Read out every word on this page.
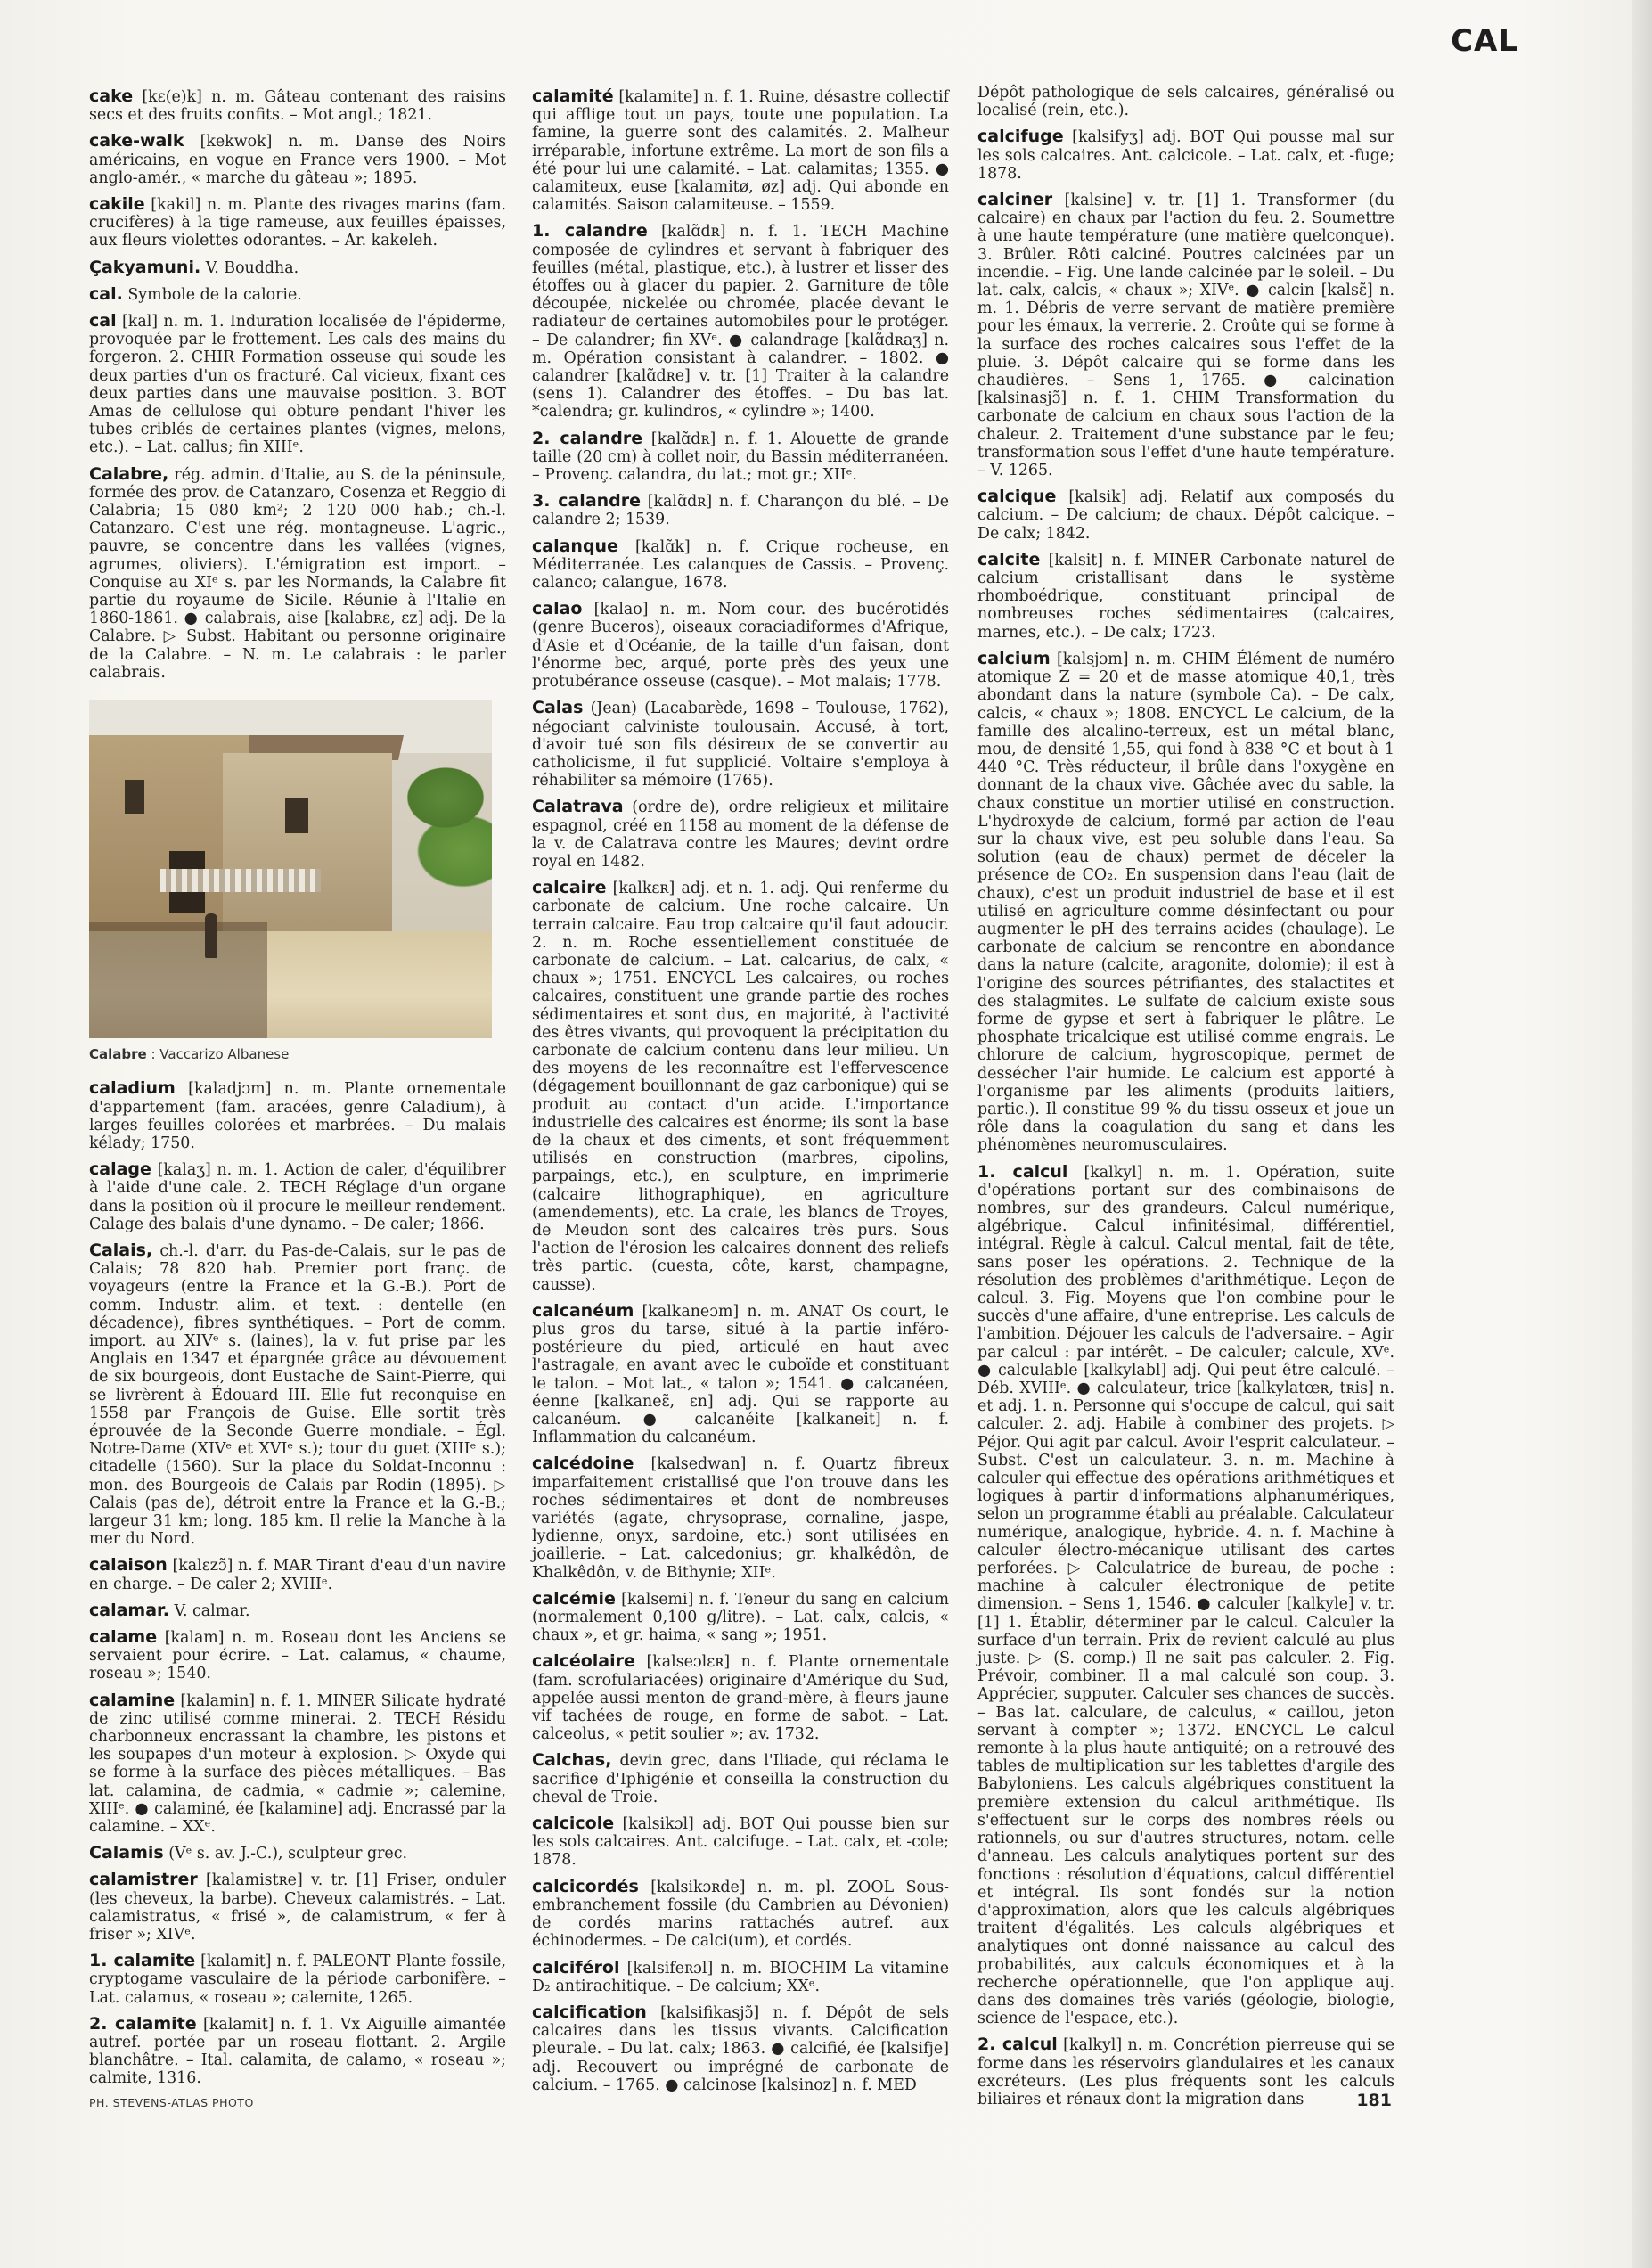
CAL

cake [kɛ(e)k] n. m. Gâteau contenant des raisins secs et des fruits confits. – Mot angl.; 1821.

cake-walk [kekwok] n. m. Danse des Noirs américains, en vogue en France vers 1900. – Mot anglo-amér., « marche du gâteau »; 1895.

cakile [kakil] n. m. Plante des rivages marins (fam. crucifères) à la tige rameuse, aux feuilles épaisses, aux fleurs violettes odorantes. – Ar. kakeleh.

Çakyamuni. V. Bouddha.

cal. Symbole de la calorie.

cal [kal] n. m. 1. Induration localisée de l'épiderme, provoquée par le frottement. Les cals des mains du forgeron. 2. CHIR Formation osseuse qui soude les deux parties d'un os fracturé. Cal vicieux, fixant ces deux parties dans une mauvaise position. 3. BOT Amas de cellulose qui obture pendant l'hiver les tubes criblés de certaines plantes (vignes, melons, etc.). – Lat. callus; fin XIIIᵉ.

Calabre, rég. admin. d'Italie, au S. de la péninsule, formée des prov. de Catanzaro, Cosenza et Reggio di Calabria; 15 080 km²; 2 120 000 hab.; ch.-l. Catanzaro. C'est une rég. montagneuse. L'agric., pauvre, se concentre dans les vallées (vignes, agrumes, oliviers). L'émigration est import. – Conquise au XIᵉ s. par les Normands, la Calabre fit partie du royaume de Sicile. Réunie à l'Italie en 1860-1861. ● calabrais, aise [kalabʀɛ, ɛz] adj. De la Calabre. ▷ Subst. Habitant ou personne originaire de la Calabre. – N. m. Le calabrais : le parler calabrais.

Calabre : Vaccarizo Albanese

caladium [kaladjɔm] n. m. Plante ornementale d'appartement (fam. aracées, genre Caladium), à larges feuilles colorées et marbrées. – Du malais kélady; 1750.

calage [kalaʒ] n. m. 1. Action de caler, d'équilibrer à l'aide d'une cale. 2. TECH Réglage d'un organe dans la position où il procure le meilleur rendement. Calage des balais d'une dynamo. – De caler; 1866.

Calais, ch.-l. d'arr. du Pas-de-Calais, sur le pas de Calais; 78 820 hab. Premier port franç. de voyageurs (entre la France et la G.-B.). Port de comm. Industr. alim. et text. : dentelle (en décadence), fibres synthétiques. – Port de comm. import. au XIVᵉ s. (laines), la v. fut prise par les Anglais en 1347 et épargnée grâce au dévouement de six bourgeois, dont Eustache de Saint-Pierre, qui se livrèrent à Édouard III. Elle fut reconquise en 1558 par François de Guise. Elle sortit très éprouvée de la Seconde Guerre mondiale. – Égl. Notre-Dame (XIVᵉ et XVIᵉ s.); tour du guet (XIIIᵉ s.); citadelle (1560). Sur la place du Soldat-Inconnu : mon. des Bourgeois de Calais par Rodin (1895). ▷ Calais (pas de), détroit entre la France et la G.-B.; largeur 31 km; long. 185 km. Il relie la Manche à la mer du Nord.

calaison [kalɛzɔ̃] n. f. MAR Tirant d'eau d'un navire en charge. – De caler 2; XVIIIᵉ.

calamar. V. calmar.

calame [kalam] n. m. Roseau dont les Anciens se servaient pour écrire. – Lat. calamus, « chaume, roseau »; 1540.

calamine [kalamin] n. f. 1. MINER Silicate hydraté de zinc utilisé comme minerai. 2. TECH Résidu charbonneux encrassant la chambre, les pistons et les soupapes d'un moteur à explosion. ▷ Oxyde qui se forme à la surface des pièces métalliques. – Bas lat. calamina, de cadmia, « cadmie »; calemine, XIIIᵉ. ● calaminé, ée [kalamine] adj. Encrassé par la calamine. – XXᵉ.

Calamis (Vᵉ s. av. J.-C.), sculpteur grec.

calamistrer [kalamistʀe] v. tr. [1] Friser, onduler (les cheveux, la barbe). Cheveux calamistrés. – Lat. calamistratus, « frisé », de calamistrum, « fer à friser »; XIVᵉ.

1. calamite [kalamit] n. f. PALEONT Plante fossile, cryptogame vasculaire de la période carbonifère. – Lat. calamus, « roseau »; calemite, 1265.

2. calamite [kalamit] n. f. 1. Vx Aiguille aimantée autref. portée par un roseau flottant. 2. Argile blanchâtre. – Ital. calamita, de calamo, « roseau »; calmite, 1316.

calamité [kalamite] n. f. 1. Ruine, désastre collectif qui afflige tout un pays, toute une population. La famine, la guerre sont des calamités. 2. Malheur irréparable, infortune extrême. La mort de son fils a été pour lui une calamité. – Lat. calamitas; 1355. ● calamiteux, euse [kalamitø, øz] adj. Qui abonde en calamités. Saison calamiteuse. – 1559.

1. calandre [kalɑ̃dʀ] n. f. 1. TECH Machine composée de cylindres et servant à fabriquer des feuilles (métal, plastique, etc.), à lustrer et lisser des étoffes ou à glacer du papier. 2. Garniture de tôle découpée, nickelée ou chromée, placée devant le radiateur de certaines automobiles pour le protéger. – De calandrer; fin XVᵉ. ● calandrage [kalɑ̃dʀaʒ] n. m. Opération consistant à calandrer. – 1802. ● calandrer [kalɑ̃dʀe] v. tr. [1] Traiter à la calandre (sens 1). Calandrer des étoffes. – Du bas lat. *calendra; gr. kulindros, « cylindre »; 1400.

2. calandre [kalɑ̃dʀ] n. f. 1. Alouette de grande taille (20 cm) à collet noir, du Bassin méditerranéen. – Provenç. calandra, du lat.; mot gr.; XIIᵉ.

3. calandre [kalɑ̃dʀ] n. f. Charançon du blé. – De calandre 2; 1539.

calanque [kalɑ̃k] n. f. Crique rocheuse, en Méditerranée. Les calanques de Cassis. – Provenç. calanco; calangue, 1678.

calao [kalao] n. m. Nom cour. des bucérotidés (genre Buceros), oiseaux coraciadiformes d'Afrique, d'Asie et d'Océanie, de la taille d'un faisan, dont l'énorme bec, arqué, porte près des yeux une protubérance osseuse (casque). – Mot malais; 1778.

Calas (Jean) (Lacabarède, 1698 – Toulouse, 1762), négociant calviniste toulousain. Accusé, à tort, d'avoir tué son fils désireux de se convertir au catholicisme, il fut supplicié. Voltaire s'employa à réhabiliter sa mémoire (1765).

Calatrava (ordre de), ordre religieux et militaire espagnol, créé en 1158 au moment de la défense de la v. de Calatrava contre les Maures; devint ordre royal en 1482.

calcaire [kalkɛʀ] adj. et n. 1. adj. Qui renferme du carbonate de calcium. Une roche calcaire. Un terrain calcaire. Eau trop calcaire qu'il faut adoucir. 2. n. m. Roche essentiellement constituée de carbonate de calcium. – Lat. calcarius, de calx, « chaux »; 1751. ENCYCL Les calcaires, ou roches calcaires, constituent une grande partie des roches sédimentaires et sont dus, en majorité, à l'activité des êtres vivants, qui provoquent la précipitation du carbonate de calcium contenu dans leur milieu. Un des moyens de les reconnaître est l'effervescence (dégagement bouillonnant de gaz carbonique) qui se produit au contact d'un acide. L'importance industrielle des calcaires est énorme; ils sont la base de la chaux et des ciments, et sont fréquemment utilisés en construction (marbres, cipolins, parpaings, etc.), en sculpture, en imprimerie (calcaire lithographique), en agriculture (amendements), etc. La craie, les blancs de Troyes, de Meudon sont des calcaires très purs. Sous l'action de l'érosion les calcaires donnent des reliefs très partic. (cuesta, côte, karst, champagne, causse).

calcanéum [kalkaneɔm] n. m. ANAT Os court, le plus gros du tarse, situé à la partie inféro-postérieure du pied, articulé en haut avec l'astragale, en avant avec le cuboïde et constituant le talon. – Mot lat., « talon »; 1541. ● calcanéen, éenne [kalkaneɛ̃, ɛn] adj. Qui se rapporte au calcanéum. ● calcanéite [kalkaneit] n. f. Inflammation du calcanéum.

calcédoine [kalsedwan] n. f. Quartz fibreux imparfaitement cristallisé que l'on trouve dans les roches sédimentaires et dont de nombreuses variétés (agate, chrysoprase, cornaline, jaspe, lydienne, onyx, sardoine, etc.) sont utilisées en joaillerie. – Lat. calcedonius; gr. khalkêdôn, de Khalkêdôn, v. de Bithynie; XIIᵉ.

calcémie [kalsemi] n. f. Teneur du sang en calcium (normalement 0,100 g/litre). – Lat. calx, calcis, « chaux », et gr. haima, « sang »; 1951.

calcéolaire [kalseɔlɛʀ] n. f. Plante ornementale (fam. scrofulariacées) originaire d'Amérique du Sud, appelée aussi menton de grand-mère, à fleurs jaune vif tachées de rouge, en forme de sabot. – Lat. calceolus, « petit soulier »; av. 1732.

Calchas, devin grec, dans l'Iliade, qui réclama le sacrifice d'Iphigénie et conseilla la construction du cheval de Troie.

calcicole [kalsikɔl] adj. BOT Qui pousse bien sur les sols calcaires. Ant. calcifuge. – Lat. calx, et -cole; 1878.

calcicordés [kalsikɔʀde] n. m. pl. ZOOL Sous-embranchement fossile (du Cambrien au Dévonien) de cordés marins rattachés autref. aux échinodermes. – De calci(um), et cordés.

calciférol [kalsifeʀɔl] n. m. BIOCHIM La vitamine D₂ antirachitique. – De calcium; XXᵉ.

calcification [kalsifikasjɔ̃] n. f. Dépôt de sels calcaires dans les tissus vivants. Calcification pleurale. – Du lat. calx; 1863. ● calcifié, ée [kalsifje] adj. Recouvert ou imprégné de carbonate de calcium. – 1765. ● calcinose [kalsinoz] n. f. MED

Dépôt pathologique de sels calcaires, généralisé ou localisé (rein, etc.).

calcifuge [kalsifyʒ] adj. BOT Qui pousse mal sur les sols calcaires. Ant. calcicole. – Lat. calx, et -fuge; 1878.

calciner [kalsine] v. tr. [1] 1. Transformer (du calcaire) en chaux par l'action du feu. 2. Soumettre à une haute température (une matière quelconque). 3. Brûler. Rôti calciné. Poutres calcinées par un incendie. – Fig. Une lande calcinée par le soleil. – Du lat. calx, calcis, « chaux »; XIVᵉ. ● calcin [kalsɛ̃] n. m. 1. Débris de verre servant de matière première pour les émaux, la verrerie. 2. Croûte qui se forme à la surface des roches calcaires sous l'effet de la pluie. 3. Dépôt calcaire qui se forme dans les chaudières. – Sens 1, 1765. ● calcination [kalsinasjɔ̃] n. f. 1. CHIM Transformation du carbonate de calcium en chaux sous l'action de la chaleur. 2. Traitement d'une substance par le feu; transformation sous l'effet d'une haute température. – V. 1265.

calcique [kalsik] adj. Relatif aux composés du calcium. – De calcium; de chaux. Dépôt calcique. – De calx; 1842.

calcite [kalsit] n. f. MINER Carbonate naturel de calcium cristallisant dans le système rhomboédrique, constituant principal de nombreuses roches sédimentaires (calcaires, marnes, etc.). – De calx; 1723.

calcium [kalsjɔm] n. m. CHIM Élément de numéro atomique Z = 20 et de masse atomique 40,1, très abondant dans la nature (symbole Ca). – De calx, calcis, « chaux »; 1808. ENCYCL Le calcium, de la famille des alcalino-terreux, est un métal blanc, mou, de densité 1,55, qui fond à 838 °C et bout à 1 440 °C. Très réducteur, il brûle dans l'oxygène en donnant de la chaux vive. Gâchée avec du sable, la chaux constitue un mortier utilisé en construction. L'hydroxyde de calcium, formé par action de l'eau sur la chaux vive, est peu soluble dans l'eau. Sa solution (eau de chaux) permet de déceler la présence de CO₂. En suspension dans l'eau (lait de chaux), c'est un produit industriel de base et il est utilisé en agriculture comme désinfectant ou pour augmenter le pH des terrains acides (chaulage). Le carbonate de calcium se rencontre en abondance dans la nature (calcite, aragonite, dolomie); il est à l'origine des sources pétrifiantes, des stalactites et des stalagmites. Le sulfate de calcium existe sous forme de gypse et sert à fabriquer le plâtre. Le phosphate tricalcique est utilisé comme engrais. Le chlorure de calcium, hygroscopique, permet de dessécher l'air humide. Le calcium est apporté à l'organisme par les aliments (produits laitiers, partic.). Il constitue 99 % du tissu osseux et joue un rôle dans la coagulation du sang et dans les phénomènes neuromusculaires.

1. calcul [kalkyl] n. m. 1. Opération, suite d'opérations portant sur des combinaisons de nombres, sur des grandeurs. Calcul numérique, algébrique. Calcul infinitésimal, différentiel, intégral. Règle à calcul. Calcul mental, fait de tête, sans poser les opérations. 2. Technique de la résolution des problèmes d'arithmétique. Leçon de calcul. 3. Fig. Moyens que l'on combine pour le succès d'une affaire, d'une entreprise. Les calculs de l'ambition. Déjouer les calculs de l'adversaire. – Agir par calcul : par intérêt. – De calculer; calcule, XVᵉ. ● calculable [kalkylabl] adj. Qui peut être calculé. – Déb. XVIIIᵉ. ● calculateur, trice [kalkylatœʀ, tʀis] n. et adj. 1. n. Personne qui s'occupe de calcul, qui sait calculer. 2. adj. Habile à combiner des projets. ▷ Péjor. Qui agit par calcul. Avoir l'esprit calculateur. – Subst. C'est un calculateur. 3. n. m. Machine à calculer qui effectue des opérations arithmétiques et logiques à partir d'informations alphanumériques, selon un programme établi au préalable. Calculateur numérique, analogique, hybride. 4. n. f. Machine à calculer électro-mécanique utilisant des cartes perforées. ▷ Calculatrice de bureau, de poche : machine à calculer électronique de petite dimension. – Sens 1, 1546. ● calculer [kalkyle] v. tr. [1] 1. Établir, déterminer par le calcul. Calculer la surface d'un terrain. Prix de revient calculé au plus juste. ▷ (S. comp.) Il ne sait pas calculer. 2. Fig. Prévoir, combiner. Il a mal calculé son coup. 3. Apprécier, supputer. Calculer ses chances de succès. – Bas lat. calculare, de calculus, « caillou, jeton servant à compter »; 1372. ENCYCL Le calcul remonte à la plus haute antiquité; on a retrouvé des tables de multiplication sur les tablettes d'argile des Babyloniens. Les calculs algébriques constituent la première extension du calcul arithmétique. Ils s'effectuent sur le corps des nombres réels ou rationnels, ou sur d'autres structures, notam. celle d'anneau. Les calculs analytiques portent sur des fonctions : résolution d'équations, calcul différentiel et intégral. Ils sont fondés sur la notion d'approximation, alors que les calculs algébriques traitent d'égalités. Les calculs algébriques et analytiques ont donné naissance au calcul des probabilités, aux calculs économiques et à la recherche opérationnelle, que l'on applique auj. dans des domaines très variés (géologie, biologie, science de l'espace, etc.).

2. calcul [kalkyl] n. m. Concrétion pierreuse qui se forme dans les réservoirs glandulaires et les canaux excréteurs. (Les plus fréquents sont les calculs biliaires et rénaux dont la migration dans

PH. STEVENS-ATLAS PHOTO	181
